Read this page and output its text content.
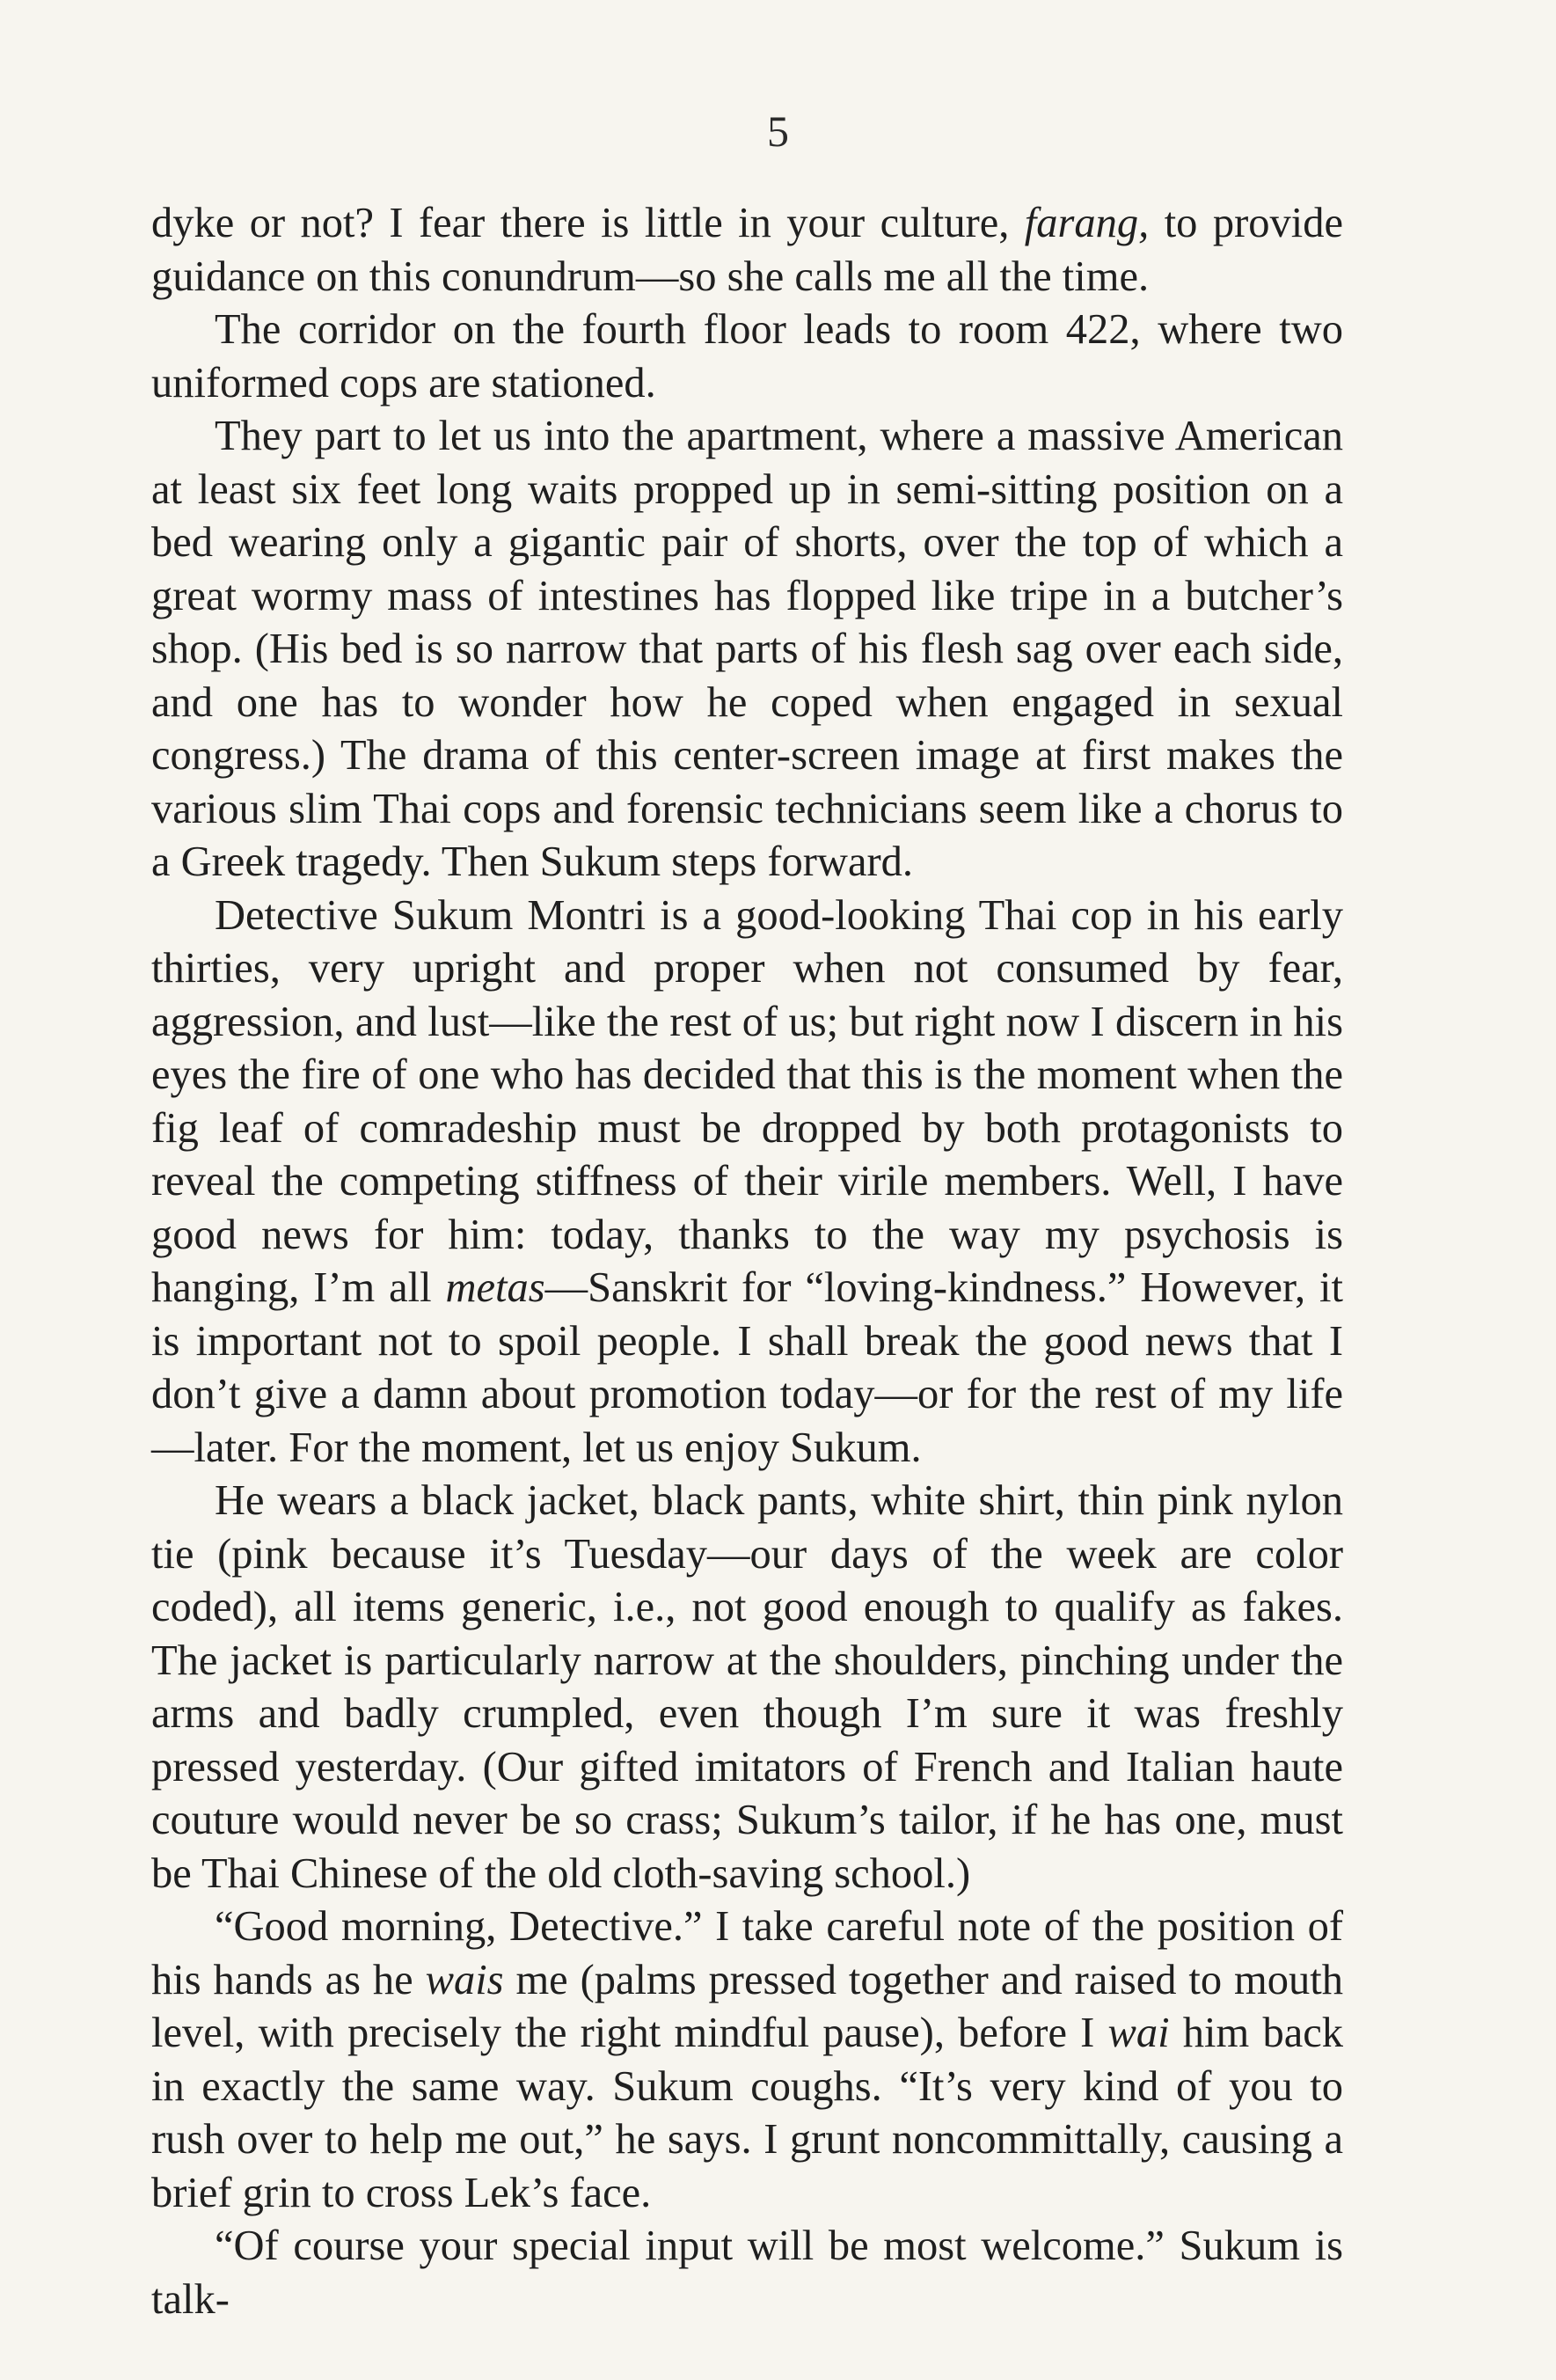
5

dyke or not? I fear there is little in your culture, farang, to provide guidance on this conundrum—so she calls me all the time.

The corridor on the fourth floor leads to room 422, where two uniformed cops are stationed.

They part to let us into the apartment, where a massive American at least six feet long waits propped up in semi-sitting position on a bed wearing only a gigantic pair of shorts, over the top of which a great wormy mass of intestines has flopped like tripe in a butcher’s shop. (His bed is so narrow that parts of his flesh sag over each side, and one has to wonder how he coped when engaged in sexual congress.) The drama of this center-screen image at first makes the various slim Thai cops and forensic technicians seem like a chorus to a Greek tragedy. Then Sukum steps forward.

Detective Sukum Montri is a good-looking Thai cop in his early thirties, very upright and proper when not consumed by fear, aggression, and lust—like the rest of us; but right now I discern in his eyes the fire of one who has decided that this is the moment when the fig leaf of comradeship must be dropped by both protagonists to reveal the competing stiffness of their virile members. Well, I have good news for him: today, thanks to the way my psychosis is hanging, I’m all metas—Sanskrit for “loving-kindness.” However, it is important not to spoil people. I shall break the good news that I don’t give a damn about promotion today—or for the rest of my life—later. For the moment, let us enjoy Sukum.

He wears a black jacket, black pants, white shirt, thin pink nylon tie (pink because it’s Tuesday—our days of the week are color coded), all items generic, i.e., not good enough to qualify as fakes. The jacket is particularly narrow at the shoulders, pinching under the arms and badly crumpled, even though I’m sure it was freshly pressed yesterday. (Our gifted imitators of French and Italian haute couture would never be so crass; Sukum’s tailor, if he has one, must be Thai Chinese of the old cloth-saving school.)

“Good morning, Detective.” I take careful note of the position of his hands as he wais me (palms pressed together and raised to mouth level, with precisely the right mindful pause), before I wai him back in exactly the same way. Sukum coughs. “It’s very kind of you to rush over to help me out,” he says. I grunt noncommittally, causing a brief grin to cross Lek’s face.

“Of course your special input will be most welcome.” Sukum is talk-
